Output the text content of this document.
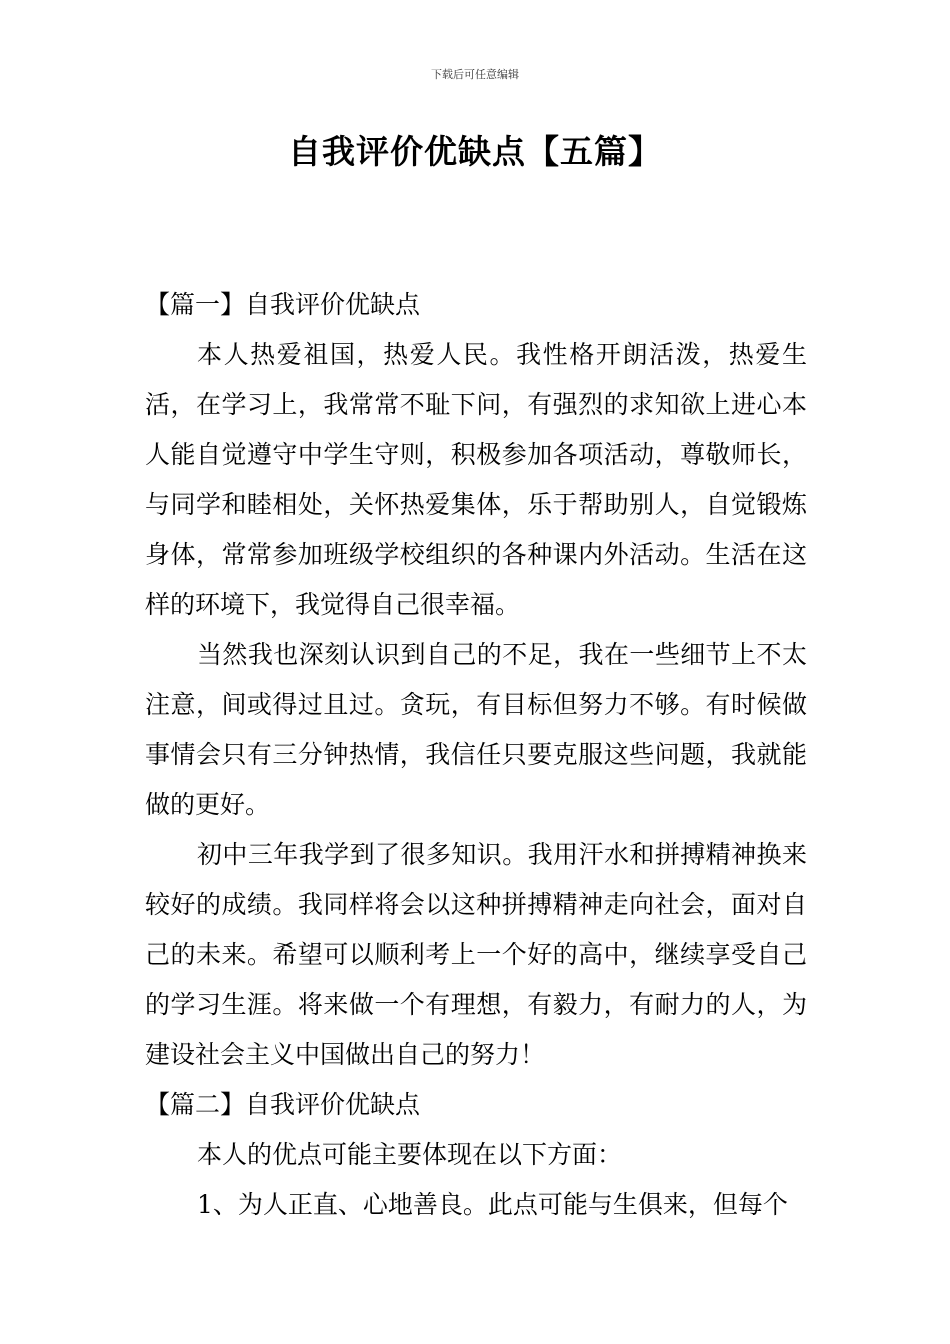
下载后可任意编辑
自我评价优缺点【五篇】

【篇一】自我评价优缺点

本人热爱祖国，热爱人民。我性格开朗活泼，热爱生活，在学习上，我常常不耻下问，有强烈的求知欲上进心本人能自觉遵守中学生守则，积极参加各项活动，尊敬师长，与同学和睦相处，关怀热爱集体，乐于帮助别人，自觉锻炼身体，常常参加班级学校组织的各种课内外活动。生活在这样的环境下，我觉得自己很幸福。

当然我也深刻认识到自己的不足，我在一些细节上不太注意，间或得过且过。贪玩，有目标但努力不够。有时候做事情会只有三分钟热情，我信任只要克服这些问题，我就能做的更好。

初中三年我学到了很多知识。我用汗水和拼搏精神换来较好的成绩。我同样将会以这种拼搏精神走向社会，面对自己的未来。希望可以顺利考上一个好的高中，继续享受自己的学习生涯。将来做一个有理想，有毅力，有耐力的人，为建设社会主义中国做出自己的努力！

【篇二】自我评价优缺点

本人的优点可能主要体现在以下方面：

1、为人正直、心地善良。此点可能与生俱来，但每个
